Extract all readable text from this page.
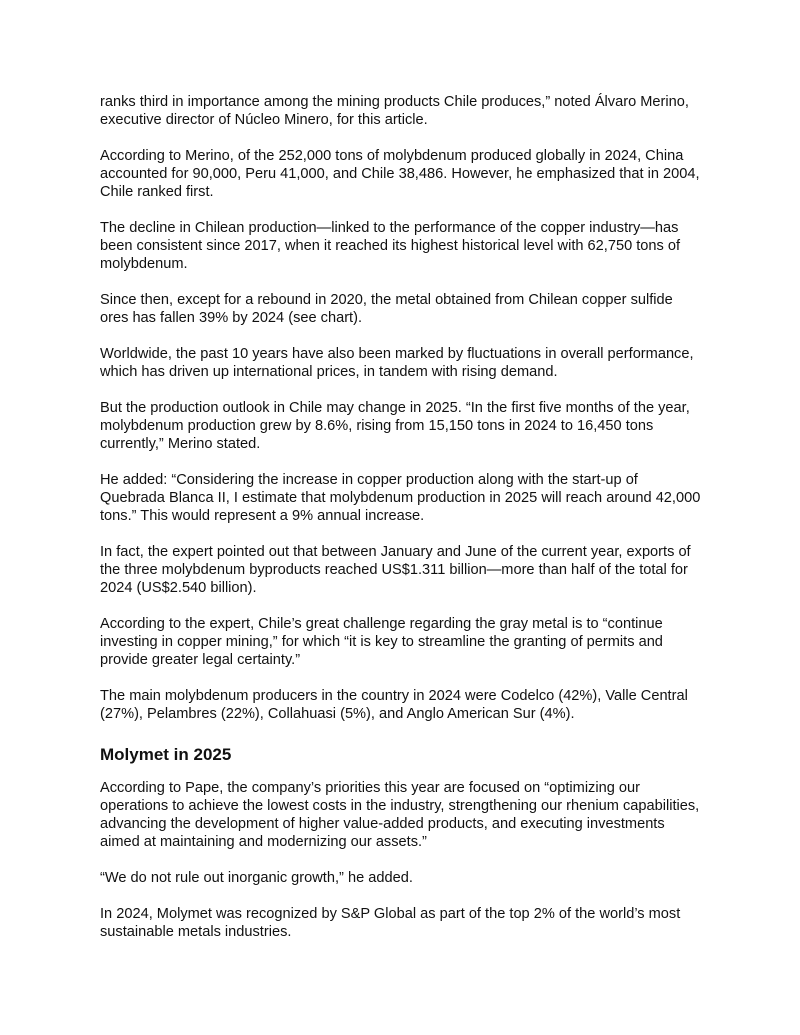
ranks third in importance among the mining products Chile produces,” noted Álvaro Merino, executive director of Núcleo Minero, for this article.

According to Merino, of the 252,000 tons of molybdenum produced globally in 2024, China accounted for 90,000, Peru 41,000, and Chile 38,486. However, he emphasized that in 2004, Chile ranked first.

The decline in Chilean production—linked to the performance of the copper industry—has been consistent since 2017, when it reached its highest historical level with 62,750 tons of molybdenum.

Since then, except for a rebound in 2020, the metal obtained from Chilean copper sulfide ores has fallen 39% by 2024 (see chart).

Worldwide, the past 10 years have also been marked by fluctuations in overall performance, which has driven up international prices, in tandem with rising demand.

But the production outlook in Chile may change in 2025. “In the first five months of the year, molybdenum production grew by 8.6%, rising from 15,150 tons in 2024 to 16,450 tons currently,” Merino stated.

He added: “Considering the increase in copper production along with the start-up of Quebrada Blanca II, I estimate that molybdenum production in 2025 will reach around 42,000 tons.” This would represent a 9% annual increase.

In fact, the expert pointed out that between January and June of the current year, exports of the three molybdenum byproducts reached US$1.311 billion—more than half of the total for 2024 (US$2.540 billion).

According to the expert, Chile’s great challenge regarding the gray metal is to “continue investing in copper mining,” for which “it is key to streamline the granting of permits and provide greater legal certainty.”

The main molybdenum producers in the country in 2024 were Codelco (42%), Valle Central (27%), Pelambres (22%), Collahuasi (5%), and Anglo American Sur (4%).

Molymet in 2025

According to Pape, the company’s priorities this year are focused on “optimizing our operations to achieve the lowest costs in the industry, strengthening our rhenium capabilities, advancing the development of higher value-added products, and executing investments aimed at maintaining and modernizing our assets.”

“We do not rule out inorganic growth,” he added.

In 2024, Molymet was recognized by S&P Global as part of the top 2% of the world’s most sustainable metals industries.
